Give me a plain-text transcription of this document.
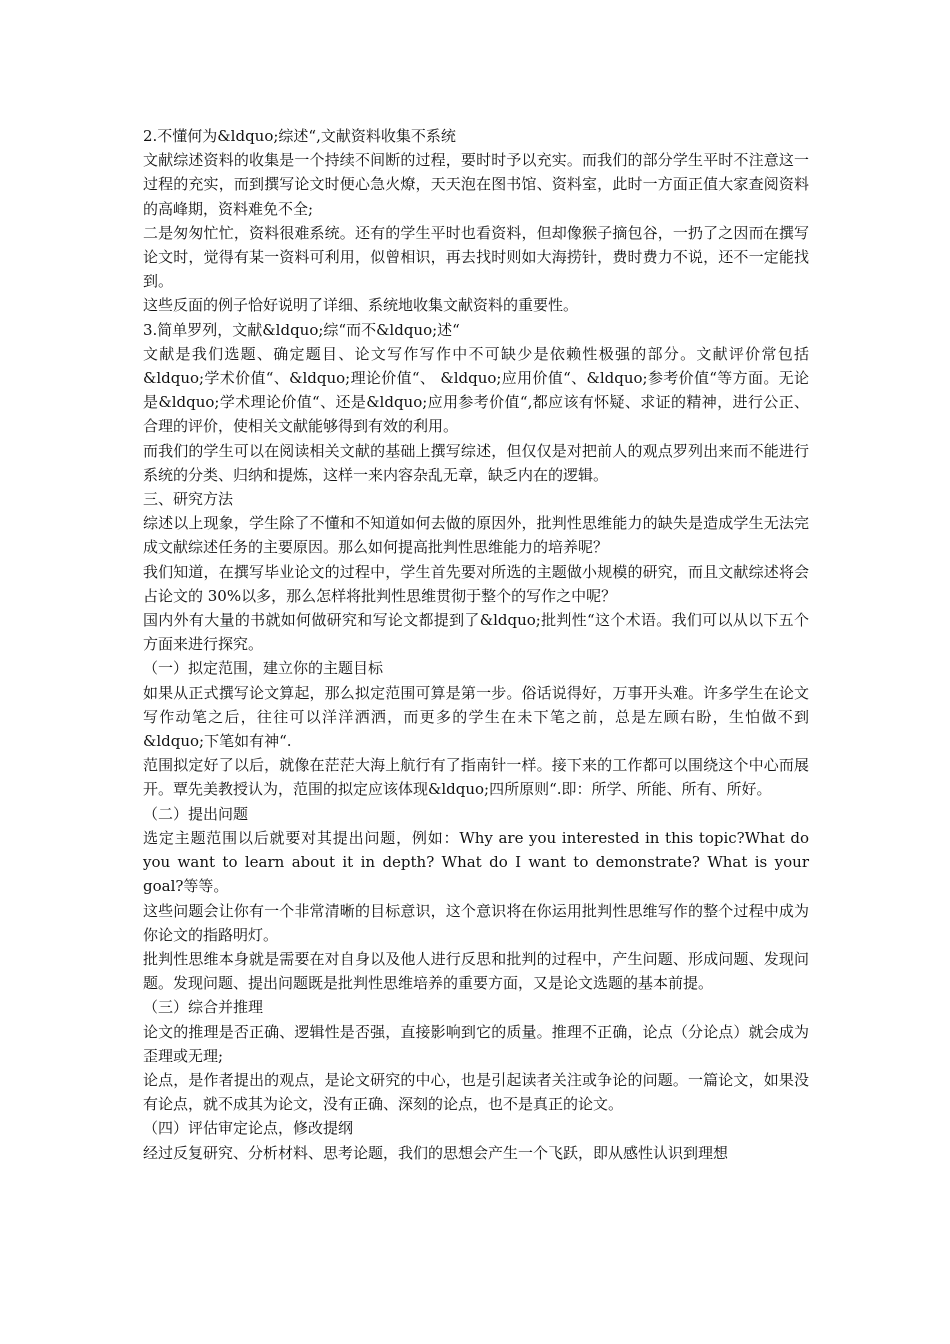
2.不懂何为&ldquo;综述“,文献资料收集不系统

文献综述资料的收集是一个持续不间断的过程，要时时予以充实。而我们的部分学生平时不注意这一过程的充实，而到撰写论文时便心急火燎，天天泡在图书馆、资料室，此时一方面正值大家查阅资料的高峰期，资料难免不全;

二是匆匆忙忙，资料很难系统。还有的学生平时也看资料，但却像猴子摘包谷，一扔了之因而在撰写论文时，觉得有某一资料可利用，似曾相识，再去找时则如大海捞针，费时费力不说，还不一定能找到。

这些反面的例子恰好说明了详细、系统地收集文献资料的重要性。

3.简单罗列，文献&ldquo;综“而不&ldquo;述“

文献是我们选题、确定题目、论文写作写作中不可缺少是依赖性极强的部分。文献评价常包括&ldquo;学术价值“、&ldquo;理论价值“、 &ldquo;应用价值“、&ldquo;参考价值“等方面。无论是&ldquo;学术理论价值“、还是&ldquo;应用参考价值“,都应该有怀疑、求证的精神，进行公正、合理的评价，使相关文献能够得到有效的利用。

而我们的学生可以在阅读相关文献的基础上撰写综述，但仅仅是对把前人的观点罗列出来而不能进行系统的分类、归纳和提炼，这样一来内容杂乱无章，缺乏内在的逻辑。

三、研究方法

综述以上现象，学生除了不懂和不知道如何去做的原因外，批判性思维能力的缺失是造成学生无法完成文献综述任务的主要原因。那么如何提高批判性思维能力的培养呢？

我们知道，在撰写毕业论文的过程中，学生首先要对所选的主题做小规模的研究，而且文献综述将会占论文的 30%以多，那么怎样将批判性思维贯彻于整个的写作之中呢？

国内外有大量的书就如何做研究和写论文都提到了&ldquo;批判性“这个术语。我们可以从以下五个方面来进行探究。

（一）拟定范围，建立你的主题目标

如果从正式撰写论文算起，那么拟定范围可算是第一步。俗话说得好，万事开头难。许多学生在论文写作动笔之后，往往可以洋洋洒洒，而更多的学生在未下笔之前，总是左顾右盼，生怕做不到&ldquo;下笔如有神“.

范围拟定好了以后，就像在茫茫大海上航行有了指南针一样。接下来的工作都可以围绕这个中心而展开。覃先美教授认为，范围的拟定应该体现&ldquo;四所原则“.即：所学、所能、所有、所好。

（二）提出问题

选定主题范围以后就要对其提出问题，例如：Why are you interested in this topic?What do you want to learn about it in depth? What do I want to demonstrate? What is your goal?等等。

这些问题会让你有一个非常清晰的目标意识，这个意识将在你运用批判性思维写作的整个过程中成为你论文的指路明灯。

批判性思维本身就是需要在对自身以及他人进行反思和批判的过程中，产生问题、形成问题、发现问题。发现问题、提出问题既是批判性思维培养的重要方面，又是论文选题的基本前提。

（三）综合并推理

论文的推理是否正确、逻辑性是否强，直接影响到它的质量。推理不正确，论点（分论点）就会成为歪理或无理;

论点，是作者提出的观点，是论文研究的中心，也是引起读者关注或争论的问题。一篇论文，如果没有论点，就不成其为论文，没有正确、深刻的论点，也不是真正的论文。

（四）评估审定论点，修改提纲

经过反复研究、分析材料、思考论题，我们的思想会产生一个飞跃，即从感性认识到理想
